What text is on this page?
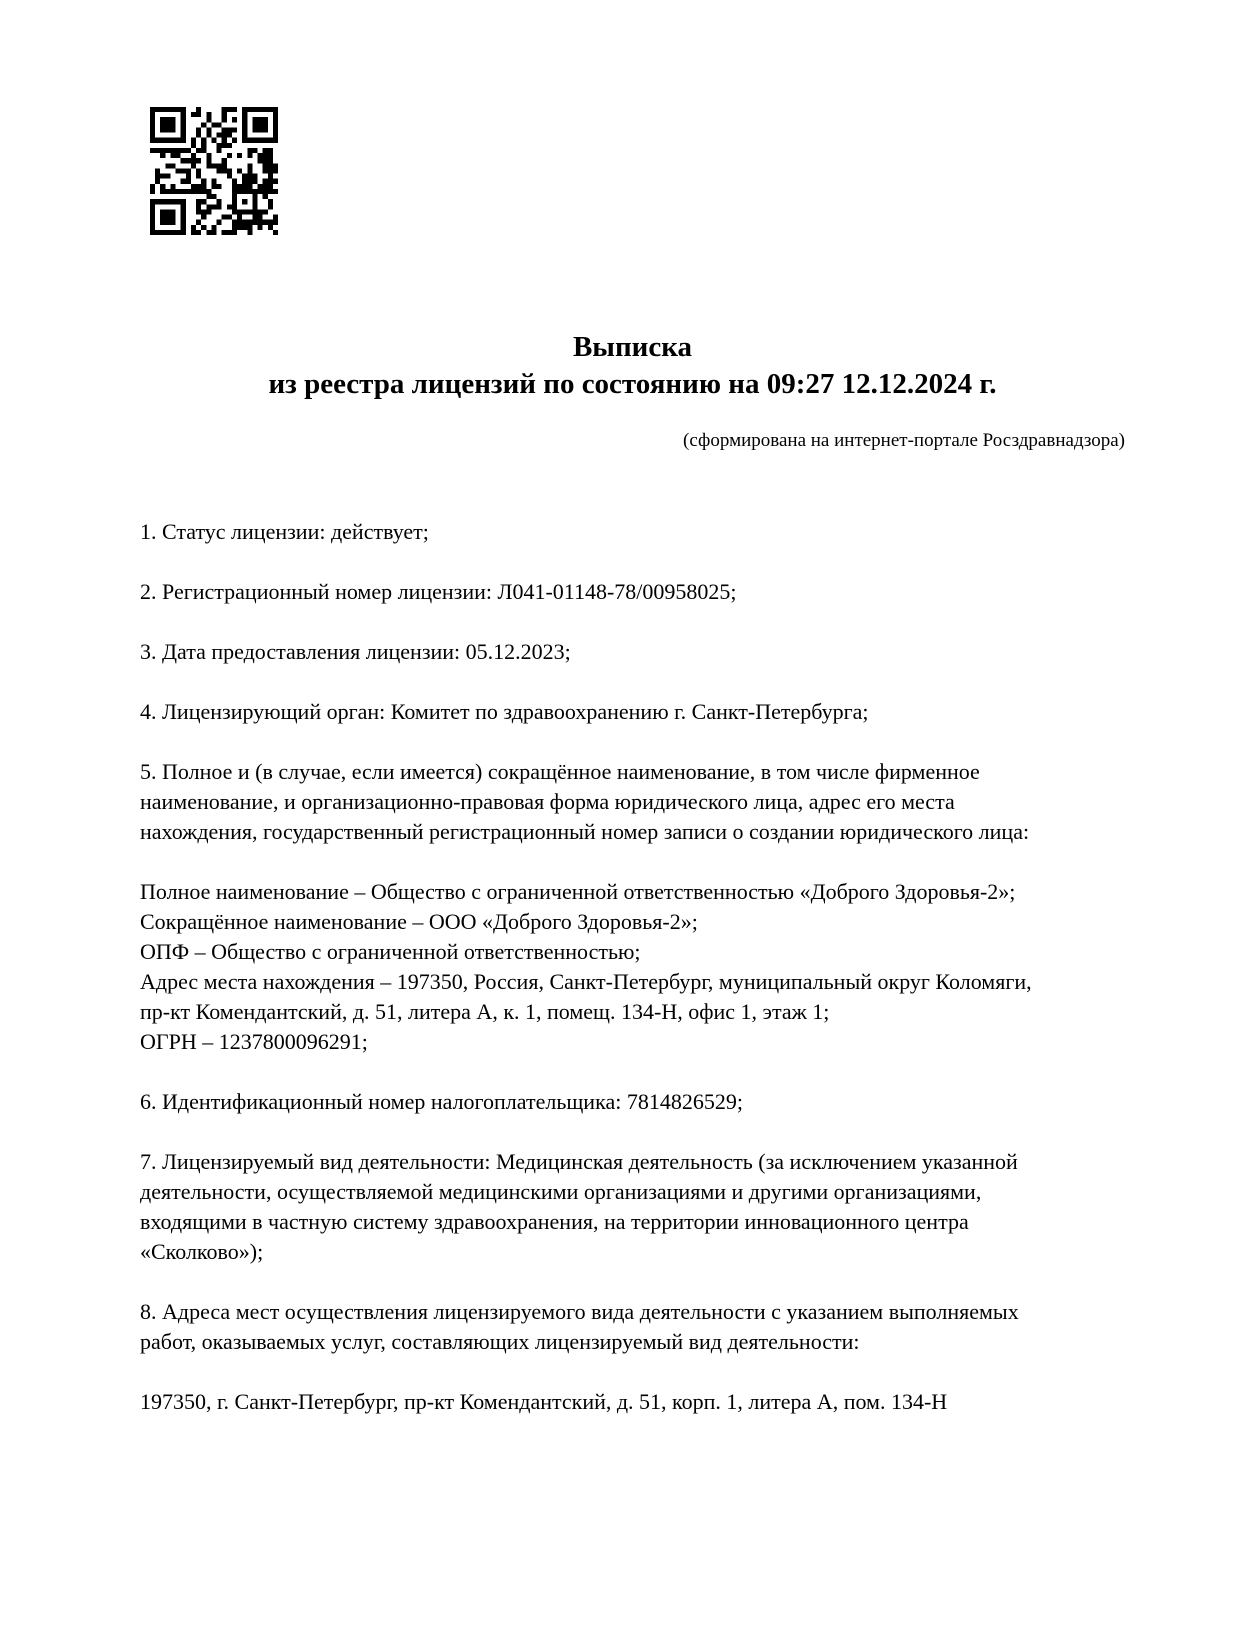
Выписка
из реестра лицензий по состоянию на 09:27 12.12.2024 г.
(сформирована на интернет-портале Росздравнадзора)

1. Статус лицензии: действует;

2. Регистрационный номер лицензии: Л041-01148-78/00958025;

3. Дата предоставления лицензии: 05.12.2023;

4. Лицензирующий орган: Комитет по здравоохранению г. Санкт-Петербурга;

5. Полное и (в случае, если имеется) сокращённое наименование, в том числе фирменное
наименование, и организационно-правовая форма юридического лица, адрес его места
нахождения, государственный регистрационный номер записи о создании юридического лица:

Полное наименование – Общество с ограниченной ответственностью «Доброго Здоровья-2»;
Сокращённое наименование – ООО «Доброго Здоровья-2»;
ОПФ – Общество с ограниченной ответственностью;
Адрес места нахождения – 197350, Россия, Санкт-Петербург, муниципальный округ Коломяги,
пр-кт Комендантский, д. 51, литера А, к. 1, помещ. 134-Н, офис 1, этаж 1;
ОГРН – 1237800096291;

6. Идентификационный номер налогоплательщика: 7814826529;

7. Лицензируемый вид деятельности: Медицинская деятельность (за исключением указанной
деятельности, осуществляемой медицинскими организациями и другими организациями,
входящими в частную систему здравоохранения, на территории инновационного центра
«Сколково»);

8. Адреса мест осуществления лицензируемого вида деятельности с указанием выполняемых
работ, оказываемых услуг, составляющих лицензируемый вид деятельности:

197350, г. Санкт-Петербург, пр-кт Комендантский, д. 51, корп. 1, литера А, пом. 134-Н
